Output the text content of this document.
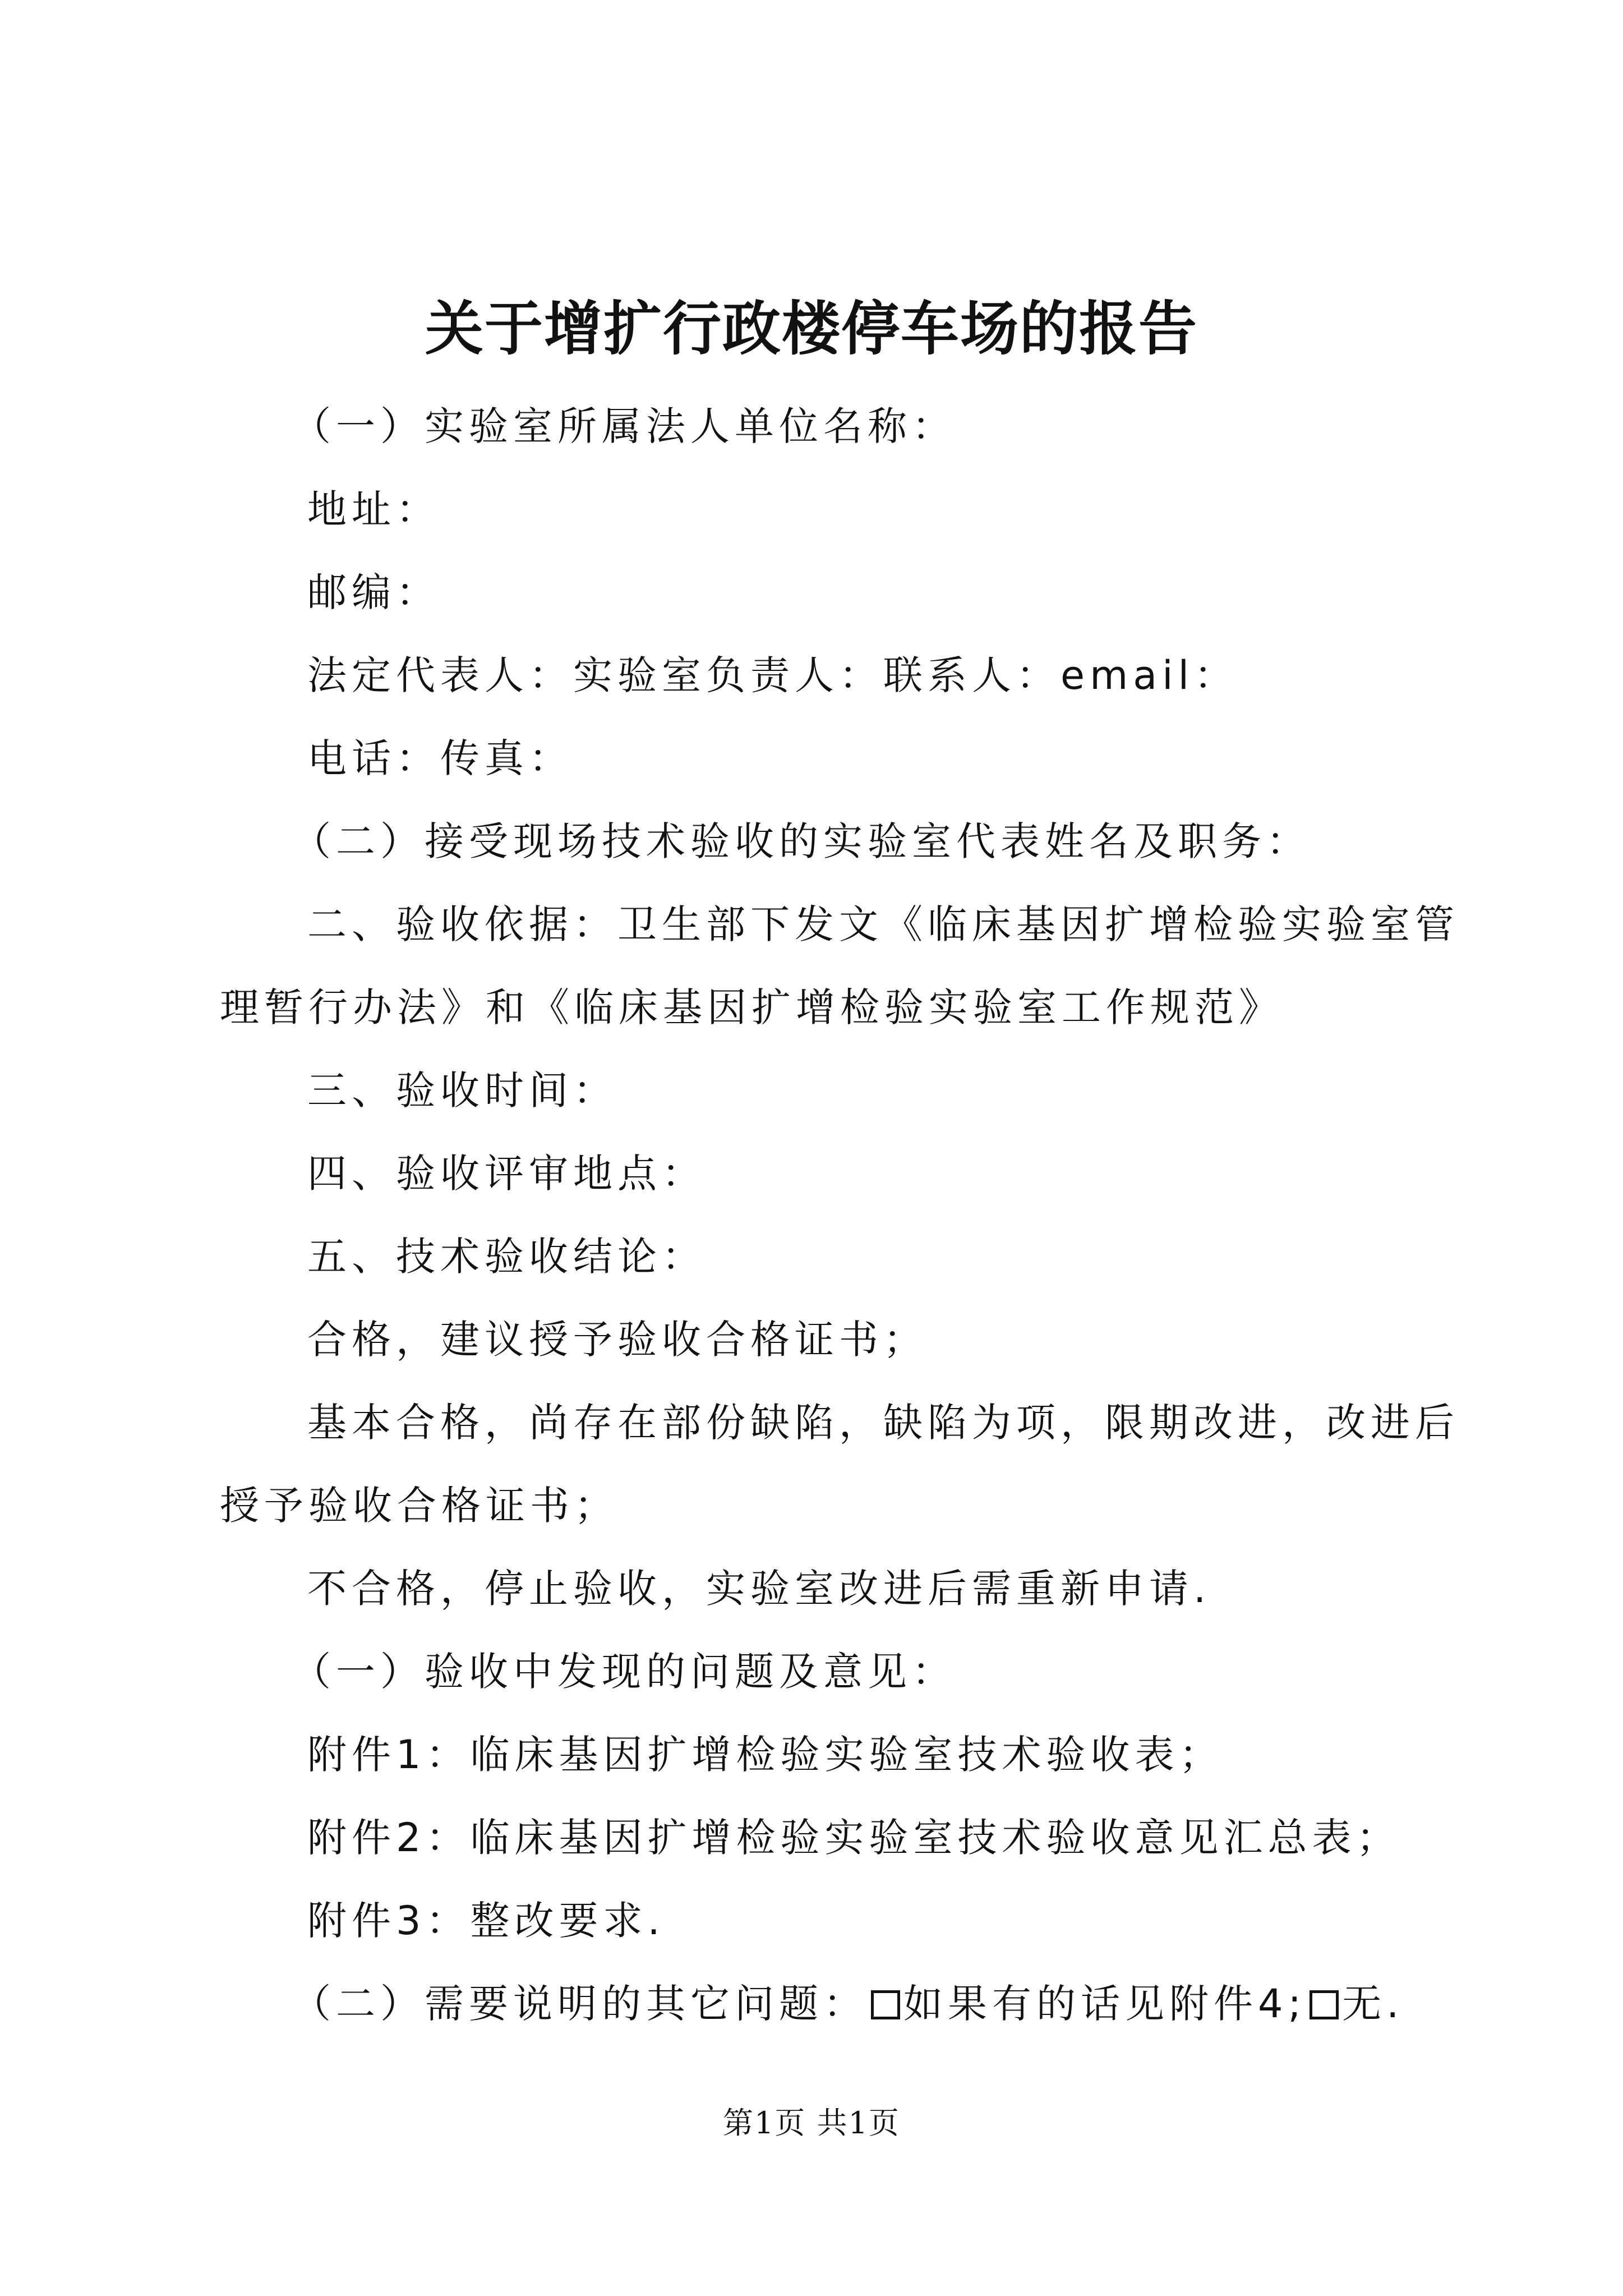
关于增扩行政楼停车场的报告

（一）实验室所属法人单位名称：

地址：

邮编：

法定代表人：实验室负责人：联系人：email：

电话：传真：

（二）接受现场技术验收的实验室代表姓名及职务：

二、验收依据：卫生部下发文《临床基因扩增检验实验室管

理暂行办法》和《临床基因扩增检验实验室工作规范》

三、验收时间：

四、验收评审地点：

五、技术验收结论：

合格，建议授予验收合格证书；

基本合格，尚存在部份缺陷，缺陷为项，限期改进，改进后

授予验收合格证书；

不合格，停止验收，实验室改进后需重新申请.

（一）验收中发现的问题及意见：

附件1：临床基因扩增检验实验室技术验收表；

附件2：临床基因扩增检验实验室技术验收意见汇总表；

附件3：整改要求.

（二）需要说明的其它问题： 如果有的话见附件4; 无.

第1页 共1页
